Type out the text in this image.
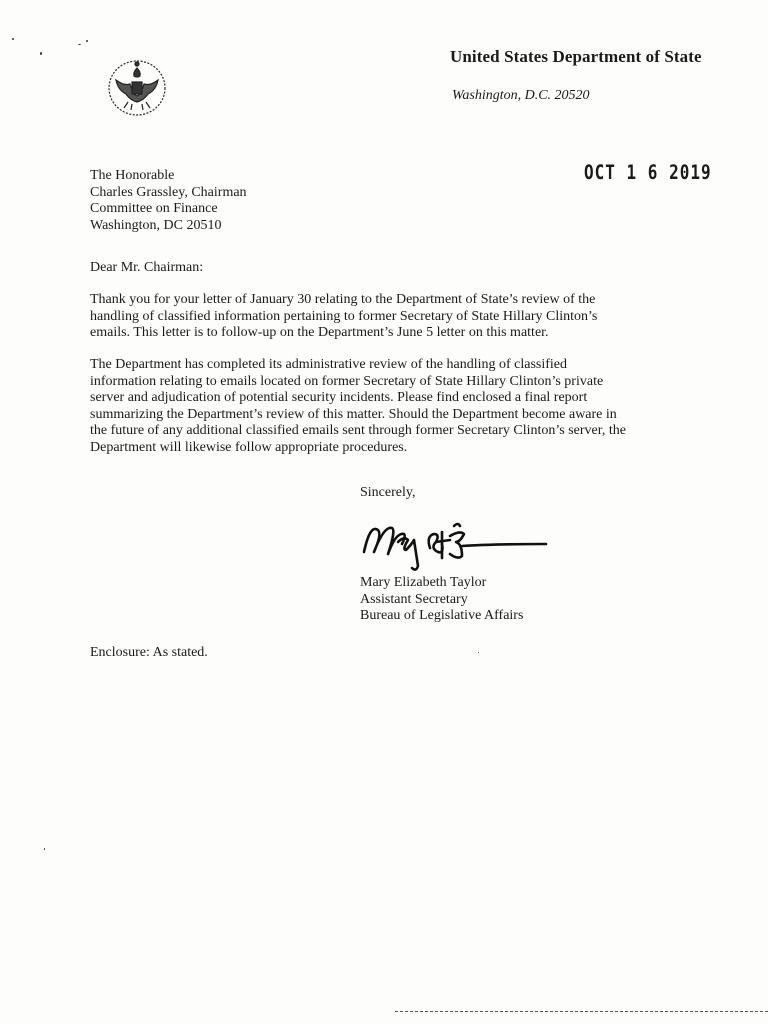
United States Department of State
Washington, D.C. 20520
OCT 1 6 2019
The Honorable
Charles Grassley, Chairman
Committee on Finance
Washington, DC 20510
Dear Mr. Chairman:
Thank you for your letter of January 30 relating to the Department of State’s review of the
handling of classified information pertaining to former Secretary of State Hillary Clinton’s
emails. This letter is to follow-up on the Department’s June 5 letter on this matter.
The Department has completed its administrative review of the handling of classified
information relating to emails located on former Secretary of State Hillary Clinton’s private
server and adjudication of potential security incidents. Please find enclosed a final report
summarizing the Department’s review of this matter. Should the Department become aware in
the future of any additional classified emails sent through former Secretary Clinton’s server, the
Department will likewise follow appropriate procedures.
Sincerely,
Mary Elizabeth Taylor
Assistant Secretary
Bureau of Legislative Affairs
Enclosure: As stated.
